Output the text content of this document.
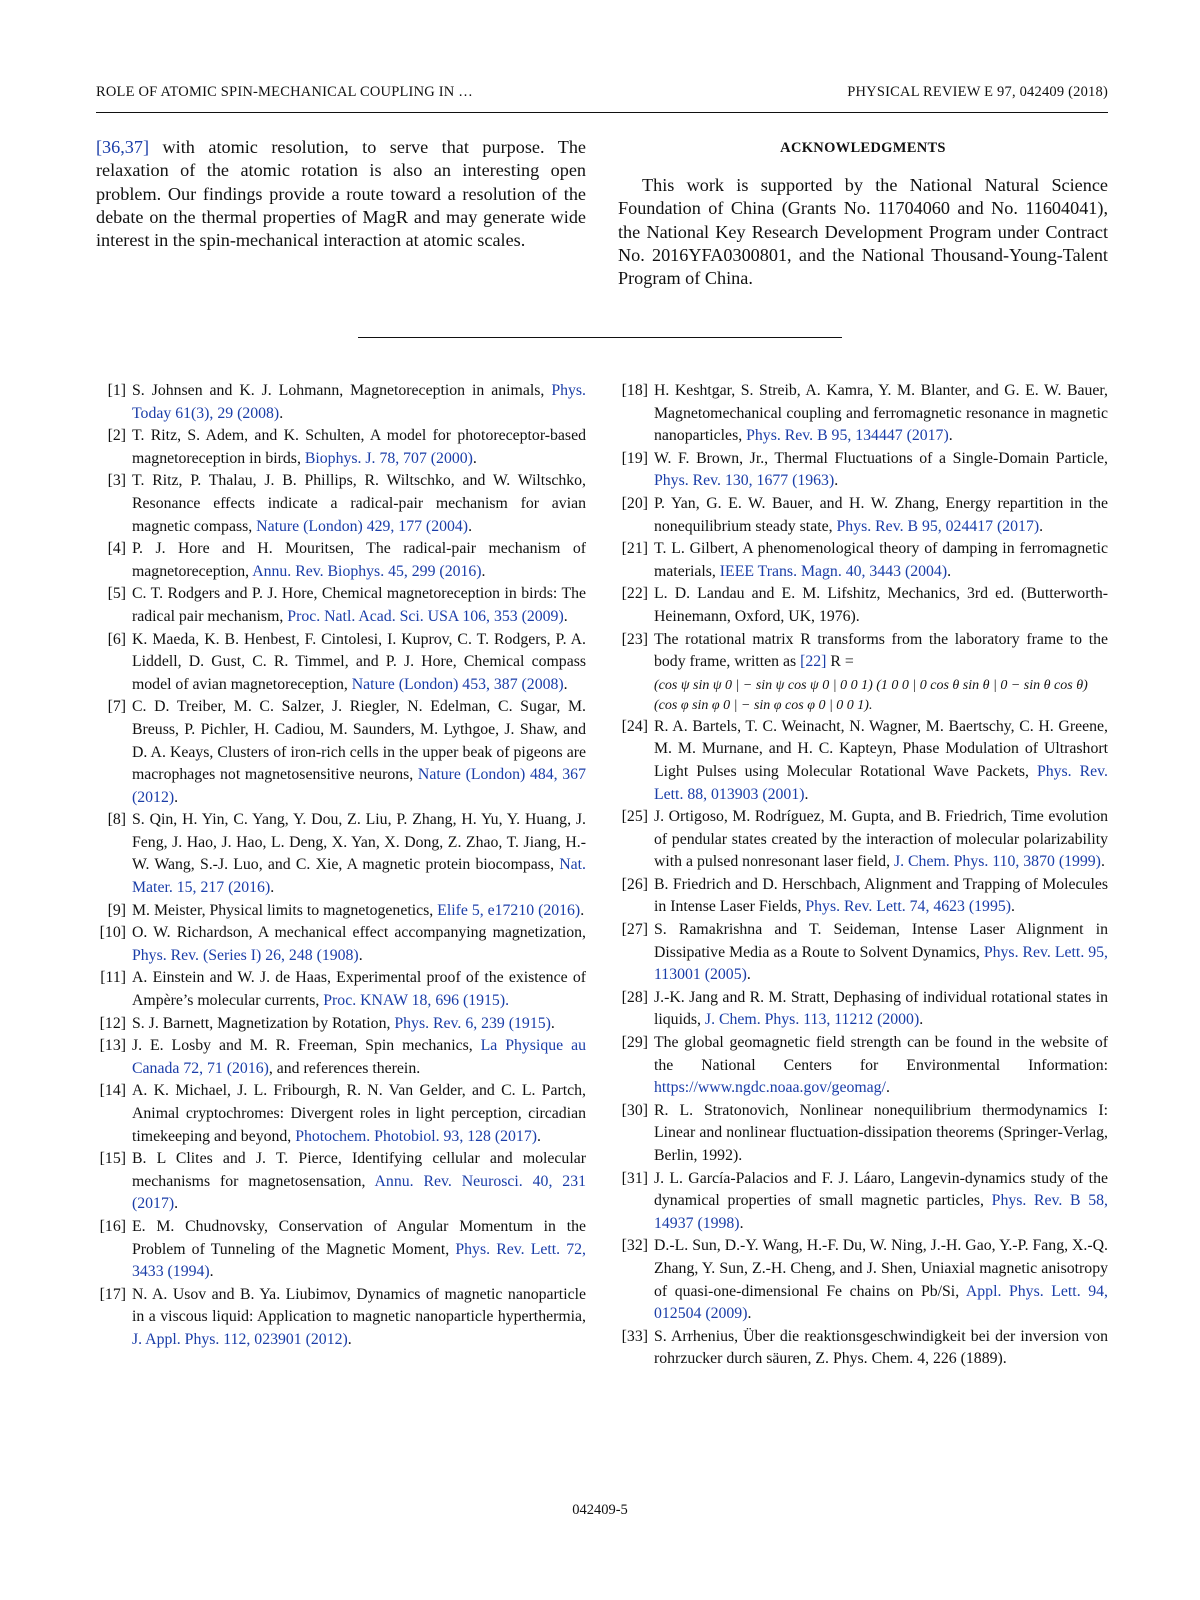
ROLE OF ATOMIC SPIN-MECHANICAL COUPLING IN …	PHYSICAL REVIEW E 97, 042409 (2018)
[36,37] with atomic resolution, to serve that purpose. The relaxation of the atomic rotation is also an interesting open problem. Our findings provide a route toward a resolution of the debate on the thermal properties of MagR and may generate wide interest in the spin-mechanical interaction at atomic scales.
ACKNOWLEDGMENTS
This work is supported by the National Natural Science Foundation of China (Grants No. 11704060 and No. 11604041), the National Key Research Development Program under Contract No. 2016YFA0300801, and the National Thousand-Young-Talent Program of China.
[1] S. Johnsen and K. J. Lohmann, Magnetoreception in animals, Phys. Today 61(3), 29 (2008).
[2] T. Ritz, S. Adem, and K. Schulten, A model for photoreceptor-based magnetoreception in birds, Biophys. J. 78, 707 (2000).
[3] T. Ritz, P. Thalau, J. B. Phillips, R. Wiltschko, and W. Wiltschko, Resonance effects indicate a radical-pair mechanism for avian magnetic compass, Nature (London) 429, 177 (2004).
[4] P. J. Hore and H. Mouritsen, The radical-pair mechanism of magnetoreception, Annu. Rev. Biophys. 45, 299 (2016).
[5] C. T. Rodgers and P. J. Hore, Chemical magnetoreception in birds: The radical pair mechanism, Proc. Natl. Acad. Sci. USA 106, 353 (2009).
[6] K. Maeda, K. B. Henbest, F. Cintolesi, I. Kuprov, C. T. Rodgers, P. A. Liddell, D. Gust, C. R. Timmel, and P. J. Hore, Chemical compass model of avian magnetoreception, Nature (London) 453, 387 (2008).
[7] C. D. Treiber, M. C. Salzer, J. Riegler, N. Edelman, C. Sugar, M. Breuss, P. Pichler, H. Cadiou, M. Saunders, M. Lythgoe, J. Shaw, and D. A. Keays, Clusters of iron-rich cells in the upper beak of pigeons are macrophages not magnetosensitive neurons, Nature (London) 484, 367 (2012).
[8] S. Qin, H. Yin, C. Yang, Y. Dou, Z. Liu, P. Zhang, H. Yu, Y. Huang, J. Feng, J. Hao, J. Hao, L. Deng, X. Yan, X. Dong, Z. Zhao, T. Jiang, H.-W. Wang, S.-J. Luo, and C. Xie, A magnetic protein biocompass, Nat. Mater. 15, 217 (2016).
[9] M. Meister, Physical limits to magnetogenetics, Elife 5, e17210 (2016).
[10] O. W. Richardson, A mechanical effect accompanying magnetization, Phys. Rev. (Series I) 26, 248 (1908).
[11] A. Einstein and W. J. de Haas, Experimental proof of the existence of Ampère’s molecular currents, Proc. KNAW 18, 696 (1915).
[12] S. J. Barnett, Magnetization by Rotation, Phys. Rev. 6, 239 (1915).
[13] J. E. Losby and M. R. Freeman, Spin mechanics, La Physique au Canada 72, 71 (2016), and references therein.
[14] A. K. Michael, J. L. Fribourgh, R. N. Van Gelder, and C. L. Partch, Animal cryptochromes: Divergent roles in light perception, circadian timekeeping and beyond, Photochem. Photobiol. 93, 128 (2017).
[15] B. L Clites and J. T. Pierce, Identifying cellular and molecular mechanisms for magnetosensation, Annu. Rev. Neurosci. 40, 231 (2017).
[16] E. M. Chudnovsky, Conservation of Angular Momentum in the Problem of Tunneling of the Magnetic Moment, Phys. Rev. Lett. 72, 3433 (1994).
[17] N. A. Usov and B. Ya. Liubimov, Dynamics of magnetic nanoparticle in a viscous liquid: Application to magnetic nanoparticle hyperthermia, J. Appl. Phys. 112, 023901 (2012).
[18] H. Keshtgar, S. Streib, A. Kamra, Y. M. Blanter, and G. E. W. Bauer, Magnetomechanical coupling and ferromagnetic resonance in magnetic nanoparticles, Phys. Rev. B 95, 134447 (2017).
[19] W. F. Brown, Jr., Thermal Fluctuations of a Single-Domain Particle, Phys. Rev. 130, 1677 (1963).
[20] P. Yan, G. E. W. Bauer, and H. W. Zhang, Energy repartition in the nonequilibrium steady state, Phys. Rev. B 95, 024417 (2017).
[21] T. L. Gilbert, A phenomenological theory of damping in ferromagnetic materials, IEEE Trans. Magn. 40, 3443 (2004).
[22] L. D. Landau and E. M. Lifshitz, Mechanics, 3rd ed. (Butterworth-Heinemann, Oxford, UK, 1976).
[23] The rotational matrix R transforms from the laboratory frame to the body frame, written as [22] R =
(cos ψ sin ψ 0 | − sin ψ cos ψ 0 | 0 0 1) (1 0 0 | 0 cos θ sin θ | 0 − sin θ cos θ) (cos φ sin φ 0 | − sin φ cos φ 0 | 0 0 1).
[24] R. A. Bartels, T. C. Weinacht, N. Wagner, M. Baertschy, C. H. Greene, M. M. Murnane, and H. C. Kapteyn, Phase Modulation of Ultrashort Light Pulses using Molecular Rotational Wave Packets, Phys. Rev. Lett. 88, 013903 (2001).
[25] J. Ortigoso, M. Rodríguez, M. Gupta, and B. Friedrich, Time evolution of pendular states created by the interaction of molecular polarizability with a pulsed nonresonant laser field, J. Chem. Phys. 110, 3870 (1999).
[26] B. Friedrich and D. Herschbach, Alignment and Trapping of Molecules in Intense Laser Fields, Phys. Rev. Lett. 74, 4623 (1995).
[27] S. Ramakrishna and T. Seideman, Intense Laser Alignment in Dissipative Media as a Route to Solvent Dynamics, Phys. Rev. Lett. 95, 113001 (2005).
[28] J.-K. Jang and R. M. Stratt, Dephasing of individual rotational states in liquids, J. Chem. Phys. 113, 11212 (2000).
[29] The global geomagnetic field strength can be found in the website of the National Centers for Environmental Information: https://www.ngdc.noaa.gov/geomag/.
[30] R. L. Stratonovich, Nonlinear nonequilibrium thermodynamics I: Linear and nonlinear fluctuation-dissipation theorems (Springer-Verlag, Berlin, 1992).
[31] J. L. García-Palacios and F. J. Láaro, Langevin-dynamics study of the dynamical properties of small magnetic particles, Phys. Rev. B 58, 14937 (1998).
[32] D.-L. Sun, D.-Y. Wang, H.-F. Du, W. Ning, J.-H. Gao, Y.-P. Fang, X.-Q. Zhang, Y. Sun, Z.-H. Cheng, and J. Shen, Uniaxial magnetic anisotropy of quasi-one-dimensional Fe chains on Pb/Si, Appl. Phys. Lett. 94, 012504 (2009).
[33] S. Arrhenius, Über die reaktionsgeschwindigkeit bei der inversion von rohrzucker durch säuren, Z. Phys. Chem. 4, 226 (1889).
042409-5
